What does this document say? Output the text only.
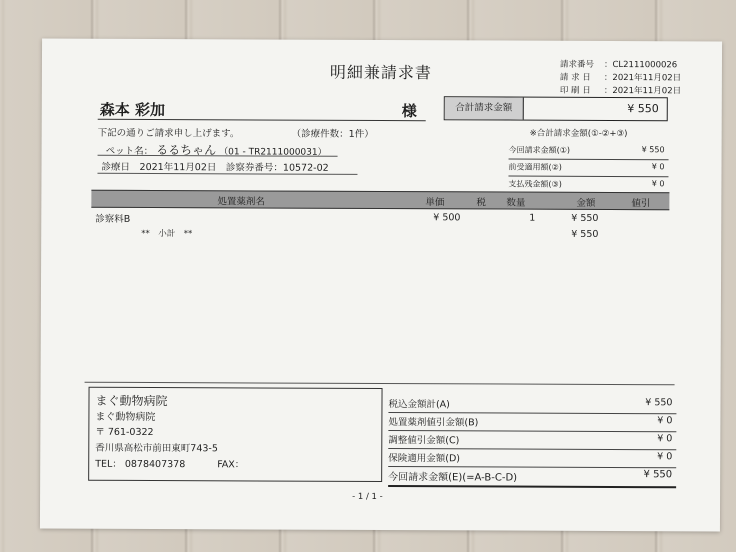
明細兼請求書	請求番号 ：CL2111000026
請 求 日 ：2021年11月02日
印 刷 日 ：2021年11月02日
森本 彩加	様	合計請求金額	¥ 550
下記の通りご請求申し上げます。	（診療件数：1件）	※合計請求金額(①-②+③)
ペット名： るるちゃん （01 - TR2111000031）
診療日　 2021年11月02日　 診察券番号：10572-02
今回請求金額(①)	¥ 550
前受適用額(②)	¥ 0
支払残金額(③)	¥ 0
処置薬剤名	単価	税 数量	金額	値引
診察料B	¥ 500	1	¥ 550
**　小計　**	¥ 550
まぐ動物病院
まぐ動物病院
〒 761-0322
香川県高松市前田東町743-5
TEL： 0878407378	FAX：
税込金額計(A)	¥ 550
処置薬剤値引金額(B)	¥ 0
調整値引金額(C)	¥ 0
保険適用金額(D)	¥ 0
今回請求金額(E)(=A-B-C-D)	¥ 550
- 1 / 1 -
